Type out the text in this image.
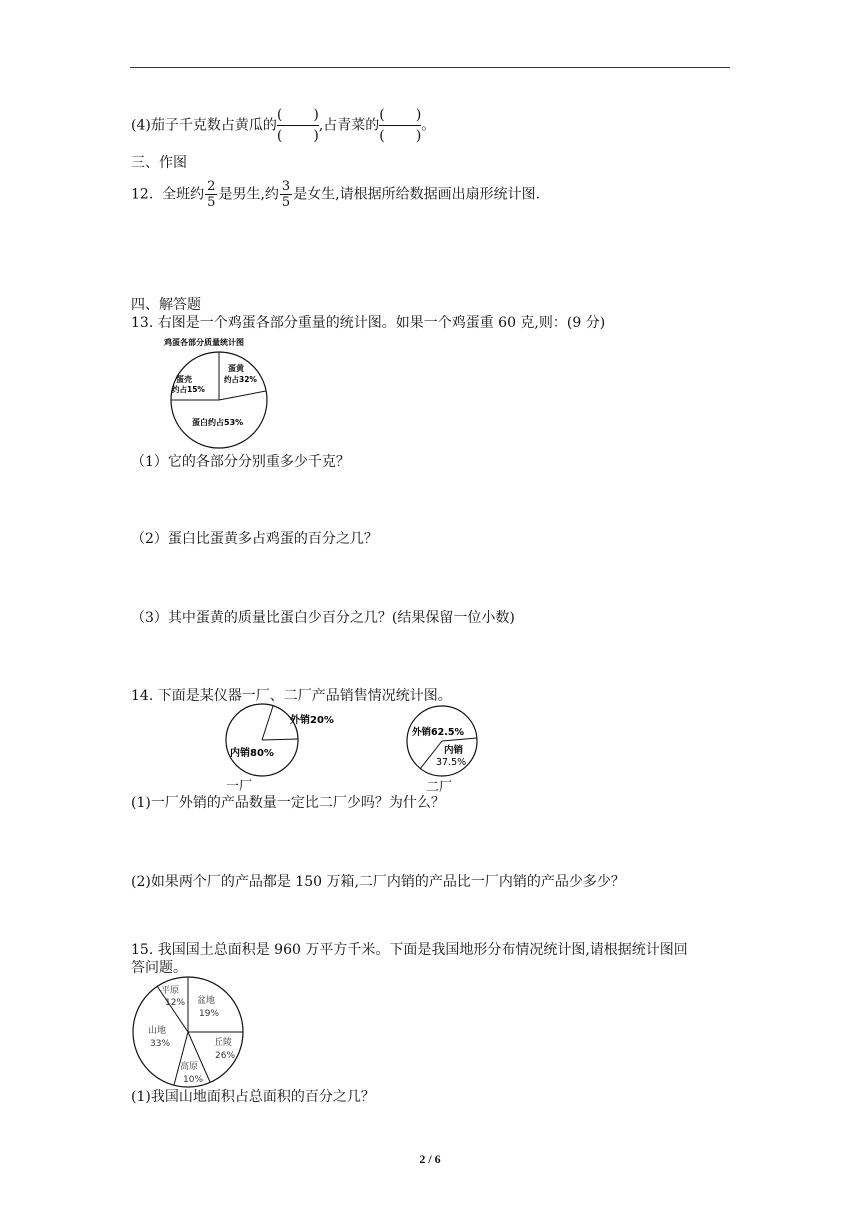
(4)茄子千克数占黄瓜的
( )

( )

,占青菜的
( )

( )

。
三、作图
12. 全班约 $\frac{2}{5}$ 是男生,约 $\frac{3}{5}$ 是女生,请根据所给数据画出扇形统计图.
四、解答题
13. 右图是一个鸡蛋各部分重量的统计图。如果一个鸡蛋重 60 克,则：(9 分)
鸡蛋各部分质量统计图
蛋黄
约占32%
蛋壳
约占15%
蛋白约占53%
（1）它的各部分分别重多少千克？
（2）蛋白比蛋黄多占鸡蛋的百分之几？
（3）其中蛋黄的质量比蛋白少百分之几？(结果保留一位小数)
14. 下面是某仪器一厂、二厂产品销售情况统计图。
外销20%
内销80%
一厂
外销62.5%
内销
37.5%
二厂
(1)一厂外销的产品数量一定比二厂少吗？为什么？
(2)如果两个厂的产品都是 150 万箱,二厂内销的产品比一厂内销的产品少多少？
15. 我国国土总面积是 960 万平方千米。下面是我国地形分布情况统计图,请根据统计图回
答问题。
平原
12% 盆地
19%
丘陵
26%
高原
10%
山地
33%
(1)我国山地面积占总面积的百分之几？
2 / 6
